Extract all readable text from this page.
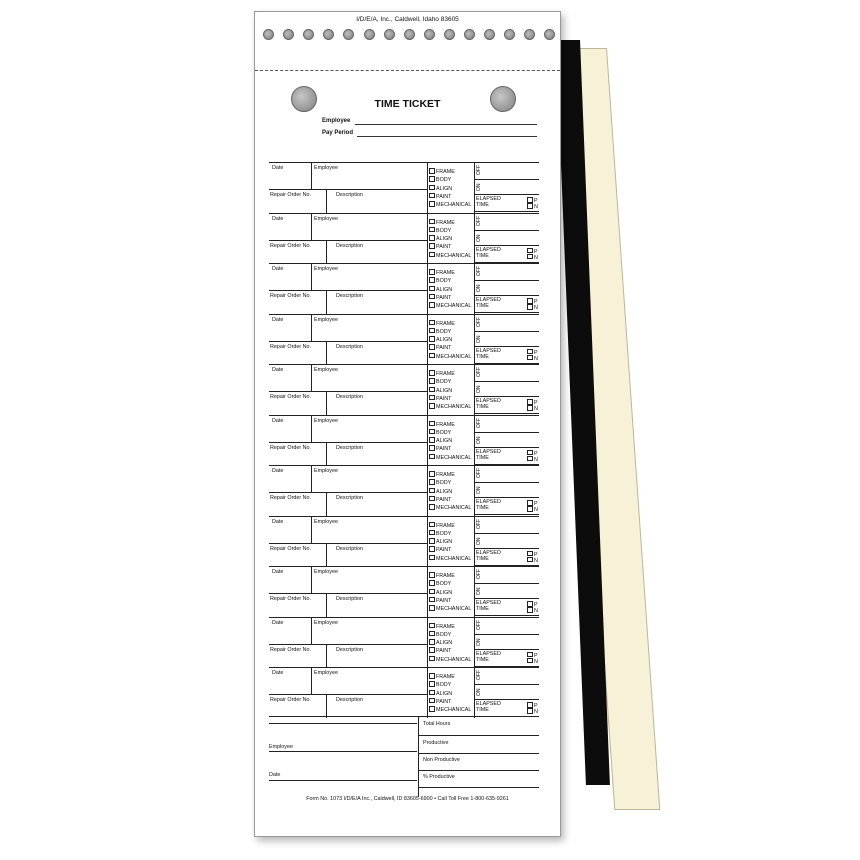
I/D/E/A, Inc., Caldwell, Idaho 83605
TIME TICKET
Employee
Pay Period
Date	Employee
Repair Order No.	Description
FRAME
BODY
ALIGN
PAINT
MECHANICAL
OFF
ON
ELAPSED
TIME
P
N
Date	Employee
Repair Order No.	Description
FRAME
BODY
ALIGN
PAINT
MECHANICAL
OFF
ON
ELAPSED
TIME
P
N
Date	Employee
Repair Order No.	Description
FRAME
BODY
ALIGN
PAINT
MECHANICAL
OFF
ON
ELAPSED
TIME
P
N
Date	Employee
Repair Order No.	Description
FRAME
BODY
ALIGN
PAINT
MECHANICAL
OFF
ON
ELAPSED
TIME
P
N
Date	Employee
Repair Order No.	Description
FRAME
BODY
ALIGN
PAINT
MECHANICAL
OFF
ON
ELAPSED
TIME
P
N
Date	Employee
Repair Order No.	Description
FRAME
BODY
ALIGN
PAINT
MECHANICAL
OFF
ON
ELAPSED
TIME
P
N
Date	Employee
Repair Order No.	Description
FRAME
BODY
ALIGN
PAINT
MECHANICAL
OFF
ON
ELAPSED
TIME
P
N
Date	Employee
Repair Order No.	Description
FRAME
BODY
ALIGN
PAINT
MECHANICAL
OFF
ON
ELAPSED
TIME
P
N
Date	Employee
Repair Order No.	Description
FRAME
BODY
ALIGN
PAINT
MECHANICAL
OFF
ON
ELAPSED
TIME
P
N
Date	Employee
Repair Order No.	Description
FRAME
BODY
ALIGN
PAINT
MECHANICAL
OFF
ON
ELAPSED
TIME
P
N
Date	Employee
Repair Order No.	Description
FRAME
BODY
ALIGN
PAINT
MECHANICAL
OFF
ON
ELAPSED
TIME
P
N
Employee
Date
Total Hours
Productive
Non Productive
% Productive
Form No. 1073 I/D/E/A Inc., Caldwell, ID 83605-6900 • Call Toll Free 1-800-635-9261
